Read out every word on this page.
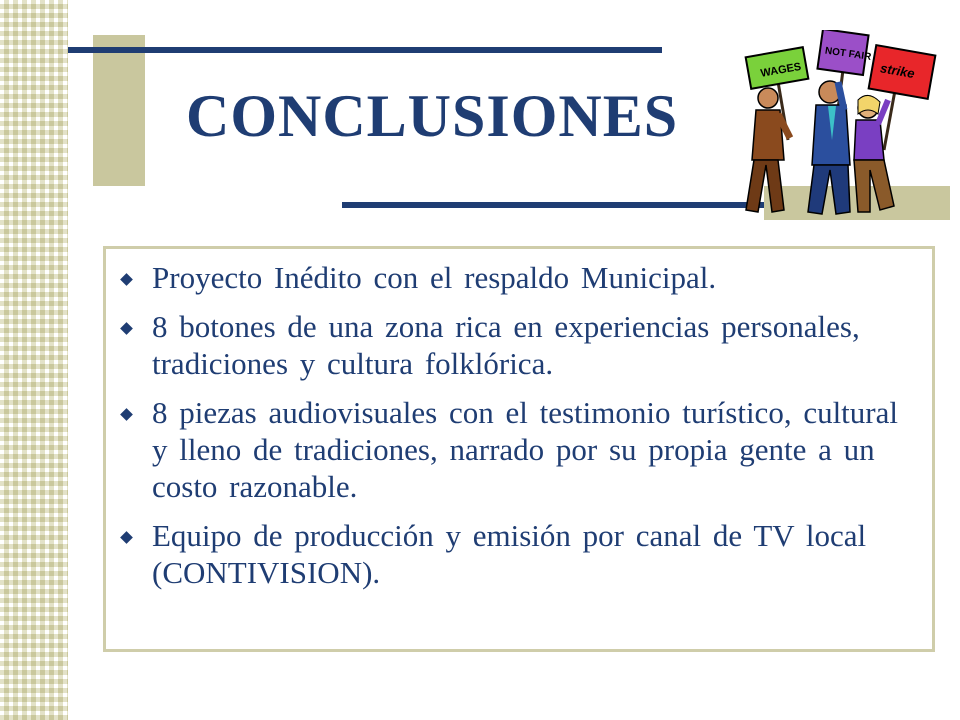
CONCLUSIONES
WAGES
NOT FAIR
strike
Proyecto Inédito con el respaldo Municipal.
8 botones de una zona rica en experiencias personales, tradiciones y cultura folklórica.
8 piezas audiovisuales con el testimonio turístico, cultural y lleno de tradiciones, narrado por su propia gente a un costo razonable.
Equipo de producción y emisión por canal de TV local (CONTIVISION).
